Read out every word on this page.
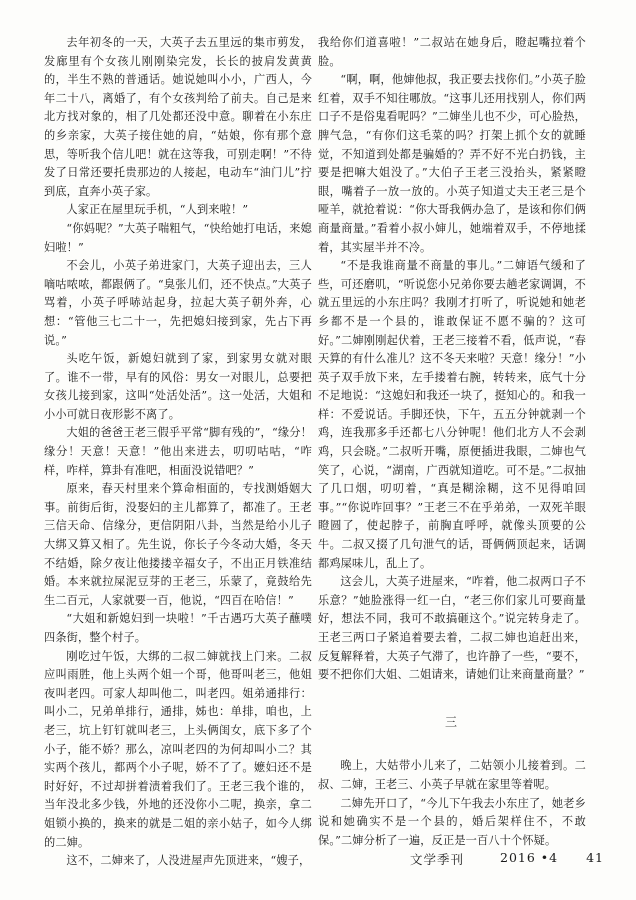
去年初冬的一天，大英子去五里远的集市剪发，发廊里有个女孩儿刚刚染完发，长长的披肩发黄黄的，半生不熟的普通话。她说她叫小小，广西人，今年二十八，离婚了，有个女孩判给了前夫。自己是来北方找对象的，相了几处都还没中意。聊着在小东庄的乡亲家，大英子接住她的肩，“姑娘，你有那个意思，等听我个信儿吧！就在这等我，可别走啊！”不待发了日常还要托贵那边的人接起，电动车“油门儿”拧到底，直奔小英子家。

人家正在屋里玩手机，“人到来啦！”

“你妈呢？”大英子喘粗气，“快给她打电话，来媳妇啦！”

不会儿，小英子弟进家门，大英子迎出去，三人嘀咕哝哝，都跟俩了。“臭张儿们，还不快点。”大英子骂着，小英子呼哧站起身，拉起大英子朝外奔，心想：“管他三七二十一，先把媳妇接到家，先占下再说。”

头吃午饭，新媳妇就到了家，到家男女就对眼了。谁不一带，早有的风俗：男女一对眼儿，总要把女孩儿接到家，这叫“处活处活”。这一处活，大姐和小小可就日夜形影不离了。

大姐的爸爸王老三假乎平常“脚有残的”，“缘分！缘分！天意！天意！”他出来进去，叨叨咕咕，“咋样，咋样，算卦有准吧，相面没说错吧？”

原来，春天村里来个算命相面的，专找测婚姻大事。前街后街，没娶妇的主儿都算了，都准了。王老三信天命、信缘分，更信阴阳八卦，当然是给小儿子大绑又算又相了。先生说，你长子今冬动大婚，冬天不结婚，除夕夜让他搂搂辛福女子，不出正月铁准结婚。本来就拉屎泥豆芽的王老三，乐蒙了，竟鼓给先生二百元，人家就要一百，他说，“四百在哈信！”

“大姐和新媳妇到一块啦！”千古遇巧大英子蘸噗四条街，整个村子。

刚吃过午饭，大绑的二叔二婶就找上门来。二叔应叫雨胜，他上头两个姐一个哥，他哥叫老三，他姐夜叫老四。可家人却叫他二，叫老四。姐弟通排行：叫小二，兄弟单排行，通排，姊也：单排，咱也，上老三，坑上钉钉就叫老三，上头俩闺女，底下多了个小子，能不娇？那么，凉叫老四的为何却叫小二？其实两个孩儿，都两个小子呢，娇不了了。嬷妇还不是时好好，不过却拼着渍着我们了。王老三我个谁的，当年没北多少钱，外地的还没你小二呢，换亲，拿二姐锁小换的，换来的就是二姐的亲小姑子，如今人绑的二婶。

这不，二婶来了，人没进屋声先顶进来，“嫂子，

我给你们道喜啦！”二叔站在她身后，瞪起嘴拉着个脸。

“啊，啊，他婶他叔，我正要去找你们。”小英子脸红着，双手不知往哪放。“这事儿还用找别人，你们两口子不是俗鬼看呢吗？”二婶坐儿也不少，可心脸热，脾气急，“有你们这毛菜的吗？打架上抓个女的就睡觉，不知道到处都是骗婚的？弄不好不光白扔钱，主要是把嘛大姐没了。”大伯子王老三没抬头，紧紧瞪眼，嘴着子一放一放的。小英子知道丈夫王老三是个哑羊，就抢着说：“你大哥我俩办急了，是该和你们俩商量商量。”看着小叔小婶儿，她端着双手，不停地揉着，其实屋半并不冷。

“不是我谁商量不商量的事儿。”二婶语气缓和了些，可还磨叽，“听说您小兄弟你要去趟老家调调，不就五里远的小东庄吗？我刚才打听了，听说她和她老乡都不是一个县的，谁敢保证不愿不骗的？这可好。”二婶刚刚起伏着，王老三接着不看，低声说，“春天算的有什么准儿？这不冬天来啦？天意！缘分！”小英子双手放下来，左手搂着右腕，转转来，底气十分不足地说：“这媳妇和我还一块了，挺知心的。和我一样：不爱说话。手脚还快，下午，五五分钟就剥一个鸡，连我那多手还都七八分钟呢！他们北方人不会剥鸡，只会晓。”二叔听开嘴，原便插进我眼，二婶也气笑了，心说，“湖南，广西就知道吃。可不是。”二叔抽了几口烟，叨叨着，“真是糊涂糊，这不见得咱回事。”“你说咋回事？”王老三不在乎弟弟，一双死羊眼瞪圆了，使起脖子，前胸直呼呼，就像头顶要的公牛。二叔又掇了几句泄气的话，哥俩俩顶起来，话调都鸡屎味儿，乱上了。

这会儿，大英子进屋来，“咋着，他二叔两口子不乐意？”她脸涨得一红一白，“老三你们家儿可要商量好，想法不同，我可不敢搞砸这个。”说完转身走了。王老三两口子紧追着要去着，二叔二婶也追赶出来，反复解释着，大英子气滞了，也许静了一些，“要不，要不把你们大姐、二姐请来，请她们让来商量商量？”

三

晚上，大姑带小儿来了，二姑领小儿接着到。二叔、二婶，王老三、小英子早就在家里等着呢。

二婶先开口了，“今儿下午我去小东庄了，她老乡说和她确实不是一个县的，婚后架样住不，不敢保。”二婶分析了一遍，反正是一百八十个怀疑。

文学季刊	2016 •4	41
